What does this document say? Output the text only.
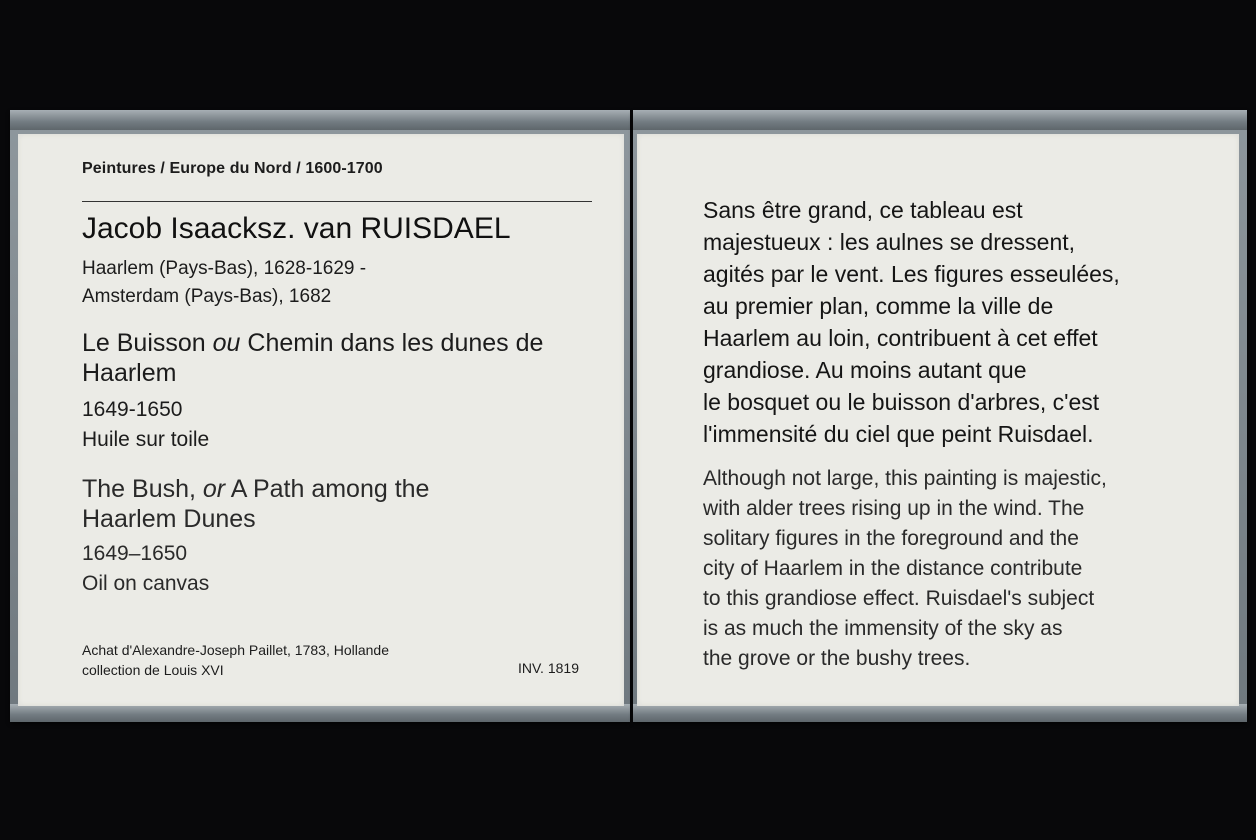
Peintures / Europe du Nord / 1600-1700
Jacob Isaacksz. van RUISDAEL
Haarlem (Pays-Bas), 1628-1629 -
Amsterdam (Pays-Bas), 1682
Le Buisson ou Chemin dans les dunes de Haarlem
1649-1650
Huile sur toile
The Bush, or A Path among the Haarlem Dunes
1649–1650
Oil on canvas
Achat d'Alexandre-Joseph Paillet, 1783, Hollande
collection de Louis XVI	INV. 1819
Sans être grand, ce tableau est
majestueux : les aulnes se dressent,
agités par le vent. Les figures esseulées,
au premier plan, comme la ville de
Haarlem au loin, contribuent à cet effet
grandiose. Au moins autant que
le bosquet ou le buisson d'arbres, c'est
l'immensité du ciel que peint Ruisdael.
Although not large, this painting is majestic,
with alder trees rising up in the wind. The
solitary figures in the foreground and the
city of Haarlem in the distance contribute
to this grandiose effect. Ruisdael's subject
is as much the immensity of the sky as
the grove or the bushy trees.
